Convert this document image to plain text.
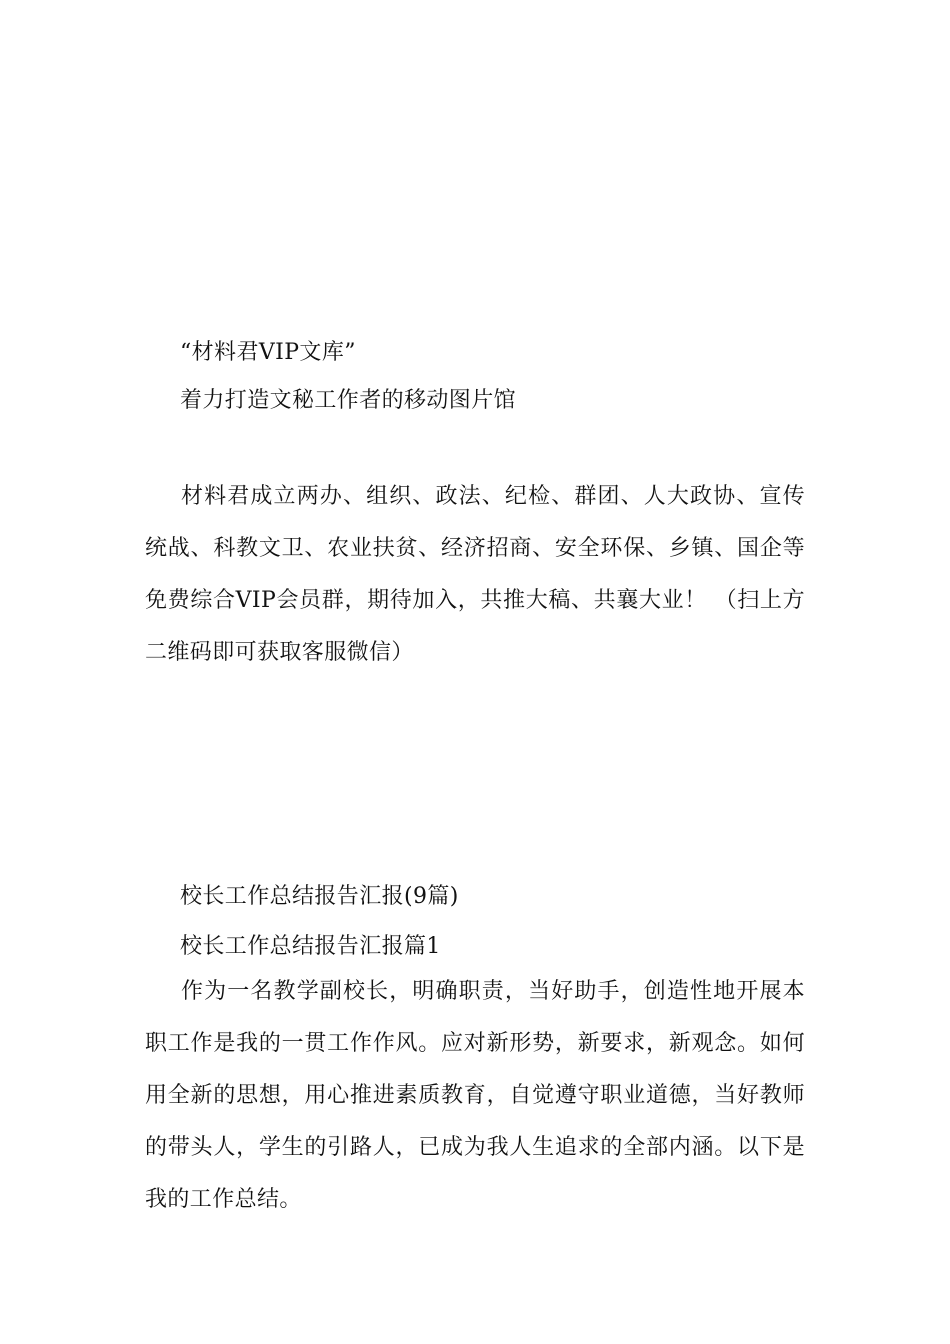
“材料君VIP文库”

着力打造文秘工作者的移动图片馆

材料君成立两办、组织、政法、纪检、群团、人大政协、宣传统战、科教文卫、农业扶贫、经济招商、安全环保、乡镇、国企等免费综合VIP会员群，期待加入，共推大稿、共襄大业！ （扫上方二维码即可获取客服微信）

校长工作总结报告汇报(9篇)

校长工作总结报告汇报篇1

作为一名教学副校长，明确职责，当好助手，创造性地开展本职工作是我的一贯工作作风。应对新形势，新要求，新观念。如何用全新的思想，用心推进素质教育，自觉遵守职业道德，当好教师的带头人，学生的引路人，已成为我人生追求的全部内涵。以下是我的工作总结。
